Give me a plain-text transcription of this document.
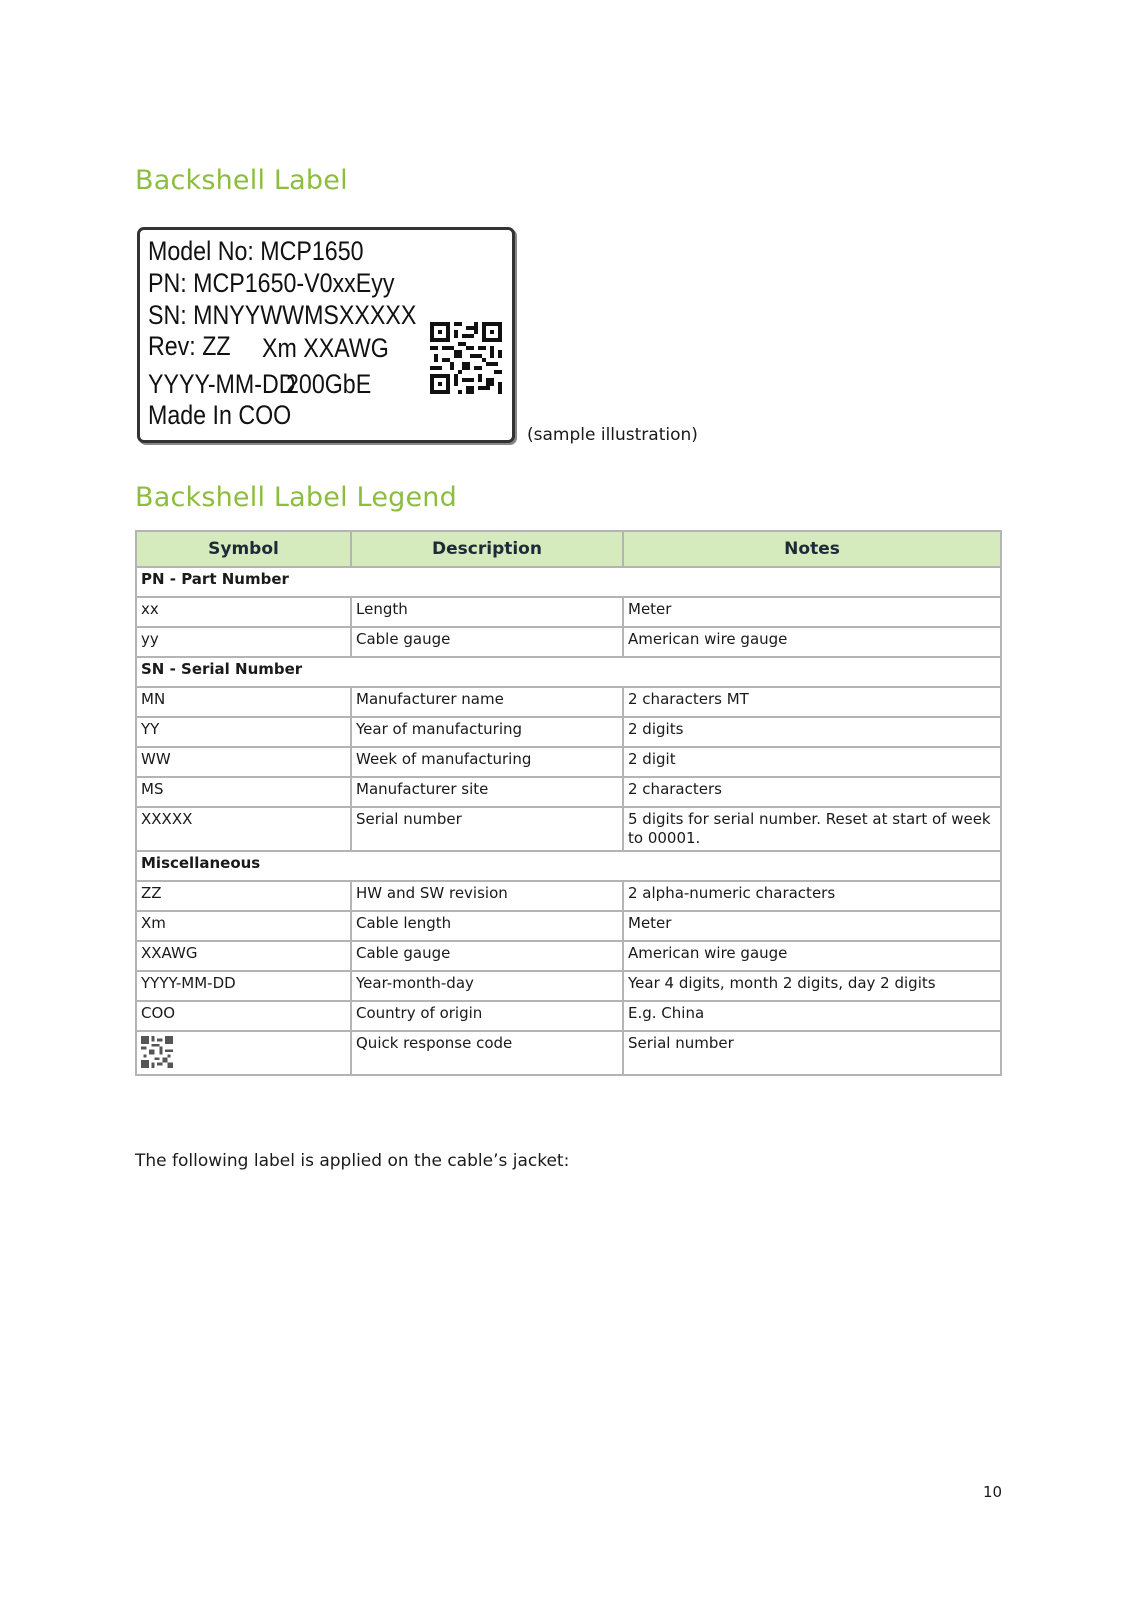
Backshell Label
Model No: MCP1650
PN: MCP1650-V0xxEyy
SN: MNYYWWMSXXXXX
Rev: ZZ Xm XXAWG
YYYY-MM-DD
200GbE
Made In COO
(sample illustration)
Backshell Label Legend
Symbol	Description	Notes
PN - Part Number		
xx	Length	Meter
yy	Cable gauge	American wire gauge
SN - Serial Number		
MN	Manufacturer name	2 characters MT
YY	Year of manufacturing	2 digits
WW	Week of manufacturing	2 digit
MS	Manufacturer site	2 characters
XXXXX	Serial number	5 digits for serial number. Reset at start of week to 00001.
Miscellaneous		
ZZ	HW and SW revision	2 alpha-numeric characters
Xm	Cable length	Meter
XXAWG	Cable gauge	American wire gauge
YYYY-MM-DD	Year-month-day	Year 4 digits, month 2 digits, day 2 digits
COO	Country of origin	E.g. China

	Quick response code	Serial number
The following label is applied on the cable’s jacket:
10
